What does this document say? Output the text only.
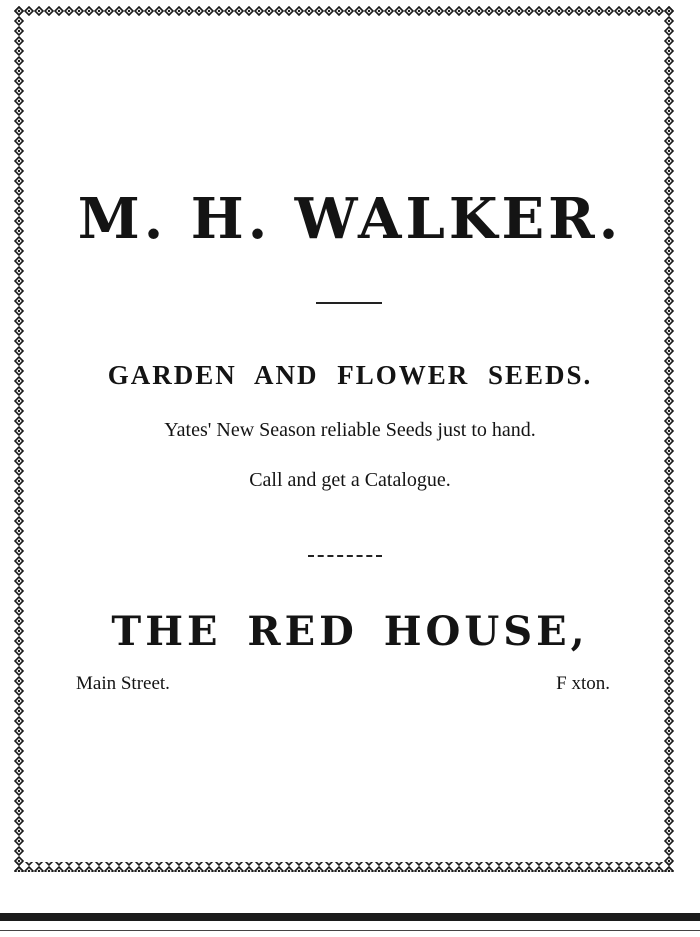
M. H. WALKER.
GARDEN AND FLOWER SEEDS.

Yates' New Season reliable Seeds just to hand.

Call and get a Catalogue.

THE RED HOUSE,

Main Street.	F xton.
